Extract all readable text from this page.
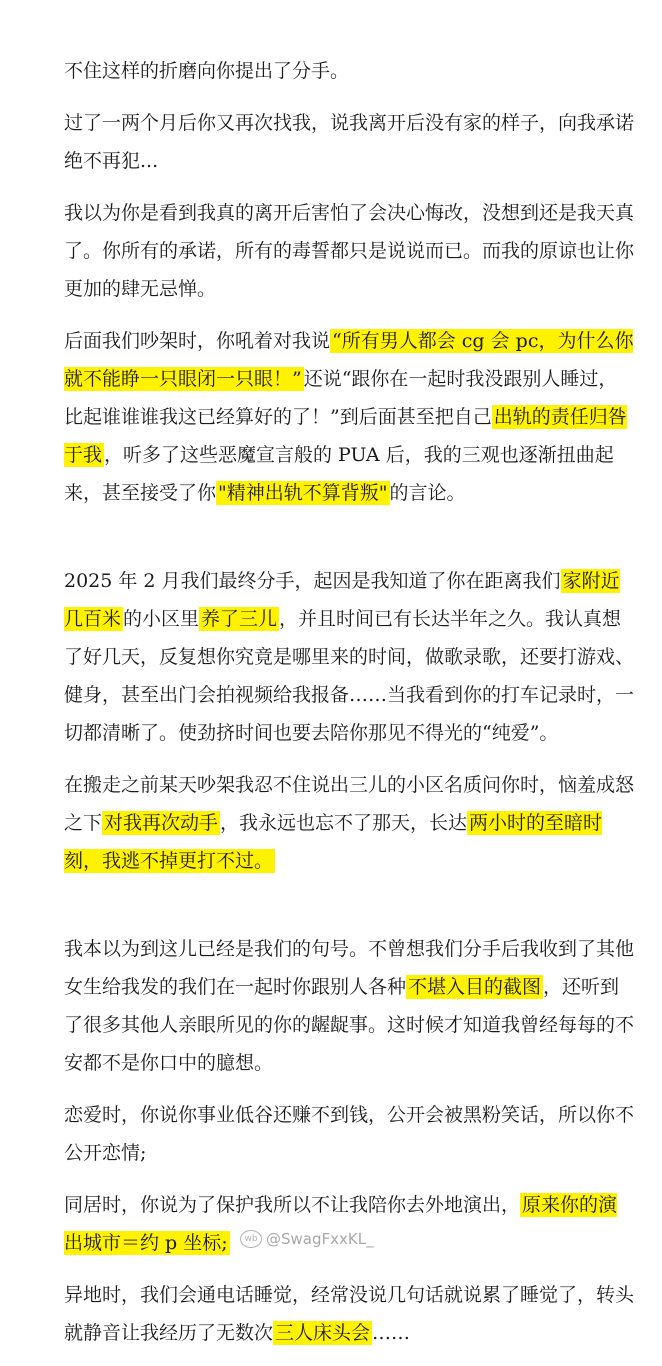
不住这样的折磨向你提出了分手。

过了一两个月后你又再次找我，说我离开后没有家的样子，向我承诺绝不再犯...

我以为你是看到我真的离开后害怕了会决心悔改，没想到还是我天真了。你所有的承诺，所有的毒誓都只是说说而已。而我的原谅也让你更加的肆无忌惮。

后面我们吵架时，你吼着对我说 “所有男人都会 cg 会 pc，为什么你就不能睁一只眼闭一只眼！” 还说“跟你在一起时我没跟别人睡过，比起谁谁谁我这已经算好的了！”到后面甚至把自己 出轨的责任归咎于我 ，听多了这些恶魔宣言般的 PUA 后，我的三观也逐渐扭曲起来，甚至接受了你 "精神出轨不算背叛" 的言论。

2025 年 2 月我们最终分手，起因是我知道了你在距离我们 家附近几百米 的小区里 养了三儿 ，并且时间已有长达半年之久。我认真想了好几天，反复想你究竟是哪里来的时间，做歌录歌，还要打游戏、健身，甚至出门会拍视频给我报备……当我看到你的打车记录时，一切都清晰了。使劲挤时间也要去陪你那见不得光的“纯爱”。

在搬走之前某天吵架我忍不住说出三儿的小区名质问你时，恼羞成怒之下 对我再次动手 ，我永远也忘不了那天，长达 两小时的至暗时刻，我逃不掉更打不过。

我本以为到这儿已经是我们的句号。不曾想我们分手后我收到了其他女生给我发的我们在一起时你跟别人各种 不堪入目的截图 ，还听到了很多其他人亲眼所见的你的龌龊事。这时候才知道我曾经每每的不安都不是你口中的臆想。

恋爱时，你说你事业低谷还赚不到钱，公开会被黑粉笑话，所以你不公开恋情;

同居时，你说为了保护我所以不让我陪你去外地演出， 原来你的演出城市＝约 p 坐标;

异地时，我们会通电话睡觉，经常没说几句话就说累了睡觉了，转头就静音让我经历了无数次 三人床头会 ……

wb @SwagFxxKL_
